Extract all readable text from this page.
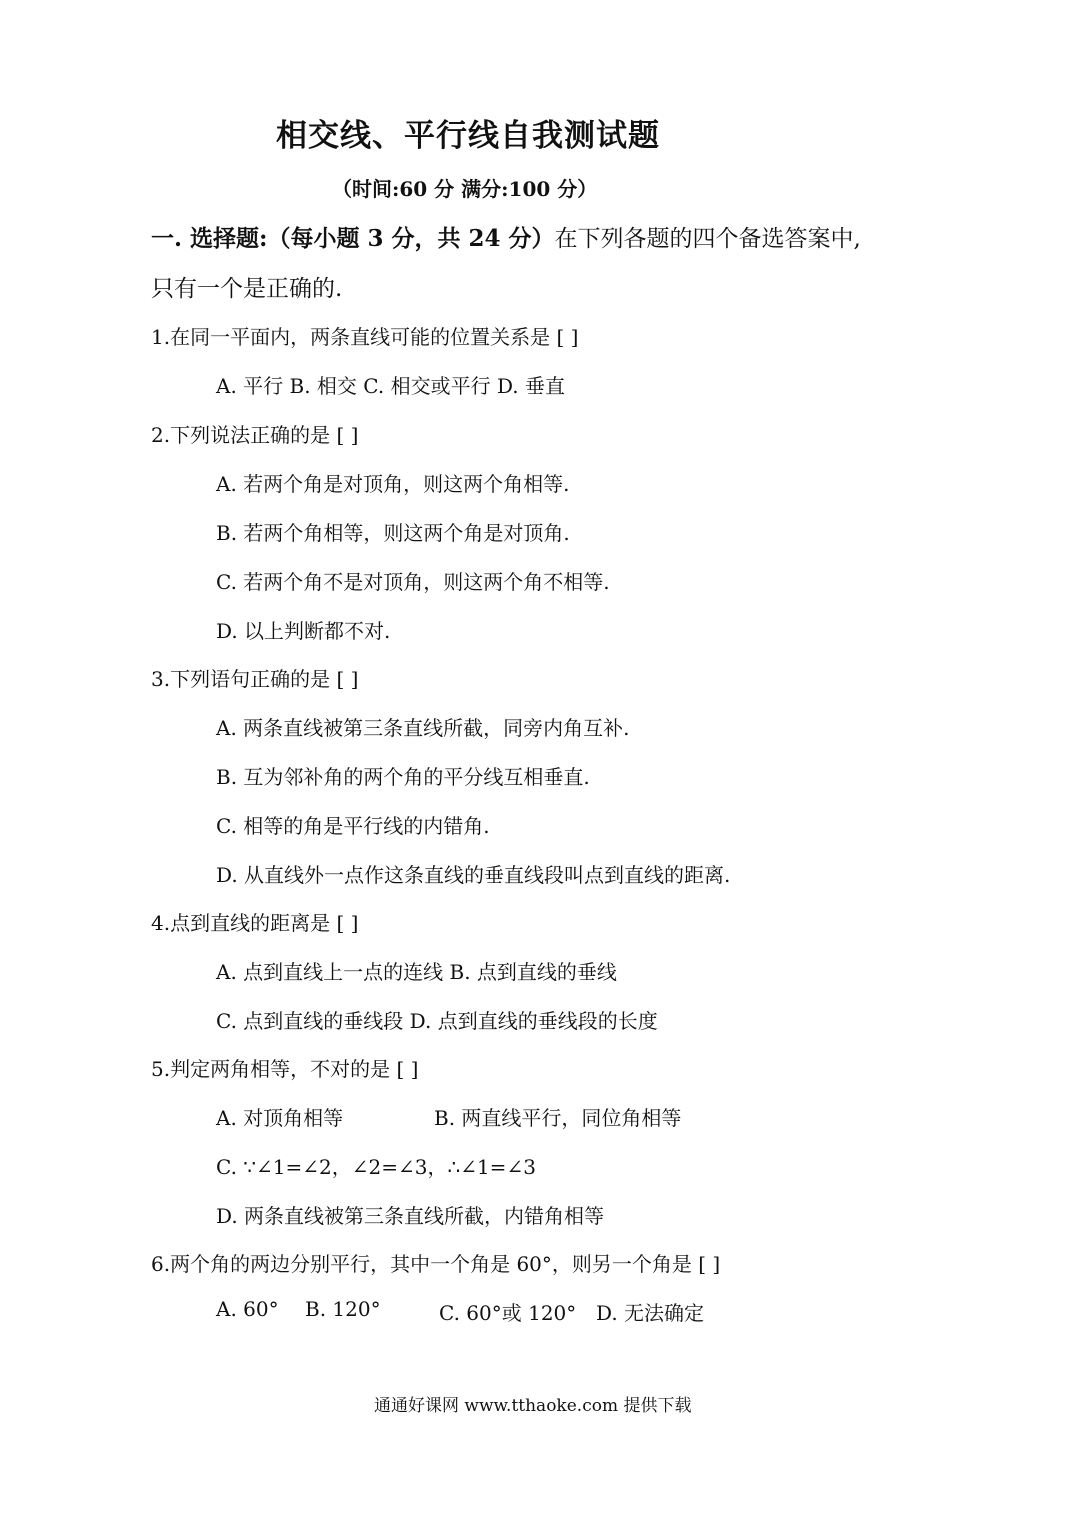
相交线、平行线自我测试题
（时间:60 分 满分:100 分）
一. 选择题:（每小题 3 分，共 24 分）在下列各题的四个备选答案中,
只有一个是正确的.
1.在同一平面内，两条直线可能的位置关系是 [ ]
A. 平行 B. 相交 C. 相交或平行 D. 垂直
2.下列说法正确的是 [ ]
A. 若两个角是对顶角，则这两个角相等.
B. 若两个角相等，则这两个角是对顶角.
C. 若两个角不是对顶角，则这两个角不相等.
D. 以上判断都不对.
3.下列语句正确的是 [ ]
A. 两条直线被第三条直线所截，同旁内角互补.
B. 互为邻补角的两个角的平分线互相垂直.
C. 相等的角是平行线的内错角.
D. 从直线外一点作这条直线的垂直线段叫点到直线的距离.
4.点到直线的距离是 [ ]
A. 点到直线上一点的连线 B. 点到直线的垂线
C. 点到直线的垂线段 D. 点到直线的垂线段的长度
5.判定两角相等，不对的是 [ ]
A. 对顶角相等	B. 两直线平行，同位角相等
C. ∵∠1=∠2，∠2=∠3，∴∠1=∠3
D. 两条直线被第三条直线所截，内错角相等
6.两个角的两边分别平行，其中一个角是 60°，则另一个角是 [ ]
A. 60° B. 120°	C. 60°或 120° D. 无法确定
通通好课网 www.tthaoke.com 提供下载
